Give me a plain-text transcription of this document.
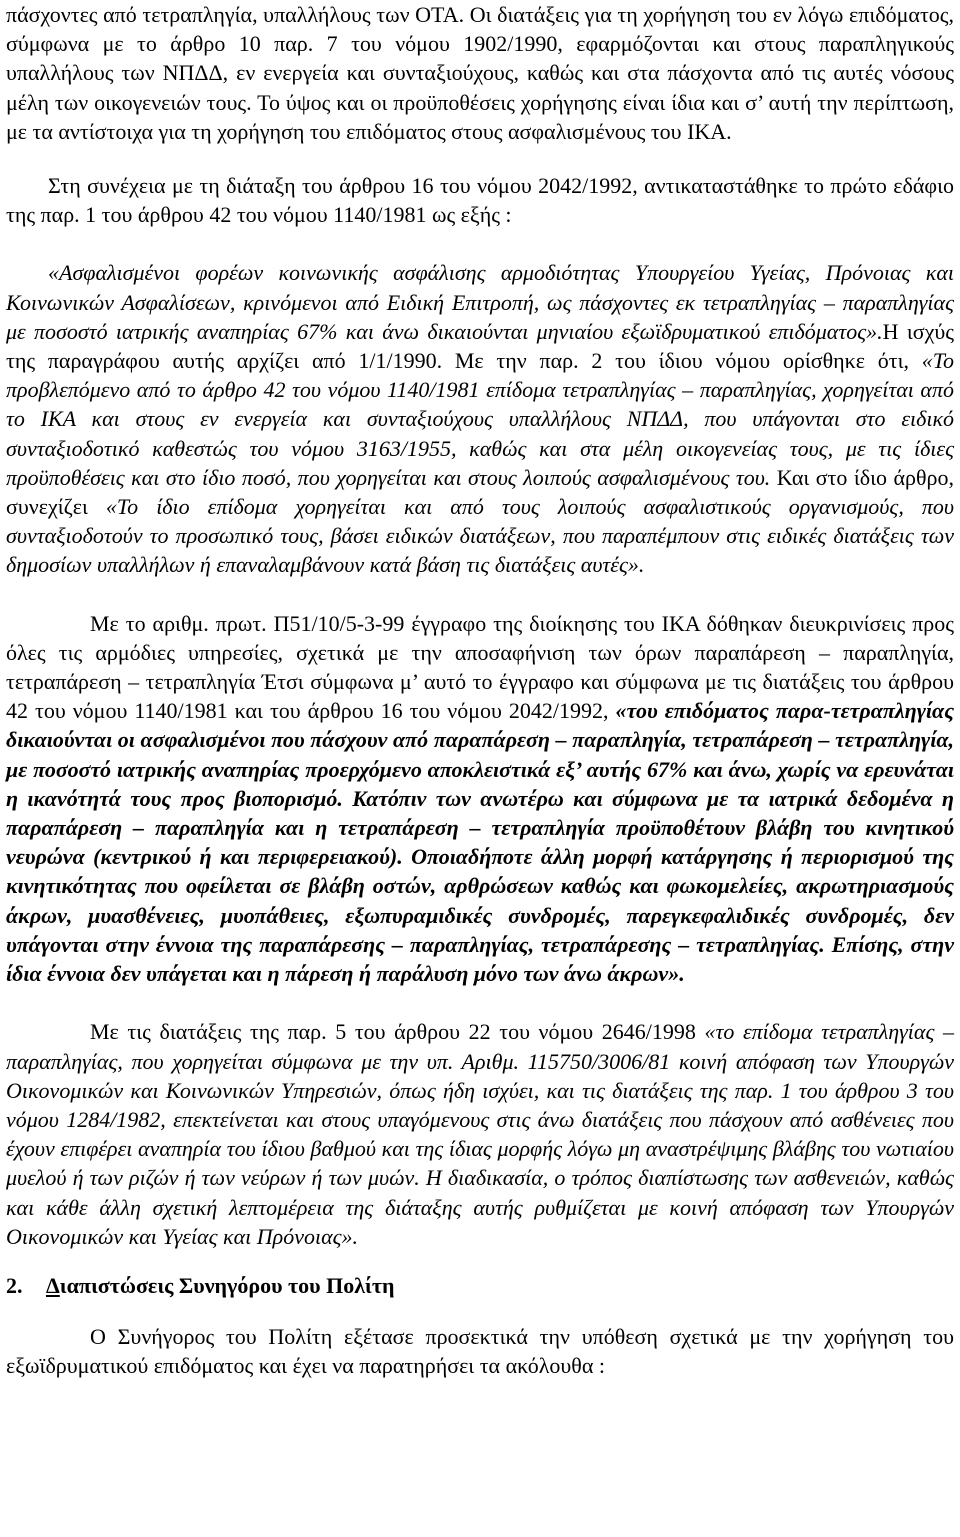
πάσχοντες από τετραπληγία, υπαλλήλους των ΟΤΑ. Οι διατάξεις για τη χορήγηση του εν λόγω επιδόματος, σύμφωνα με το άρθρο 10 παρ. 7 του νόμου 1902/1990, εφαρμόζονται και στους παραπληγικούς υπαλλήλους των ΝΠΔΔ, εν ενεργεία και συνταξιούχους, καθώς και στα πάσχοντα από τις αυτές νόσους μέλη των οικογενειών τους. Το ύψος και οι προϋποθέσεις χορήγησης είναι ίδια και σ’ αυτή την περίπτωση, με τα αντίστοιχα για τη χορήγηση του επιδόματος στους ασφαλισμένους του ΙΚΑ.

Στη συνέχεια με τη διάταξη του άρθρου 16 του νόμου 2042/1992, αντικαταστάθηκε το πρώτο εδάφιο της παρ. 1 του άρθρου 42 του νόμου 1140/1981 ως εξής :

«Ασφαλισμένοι φορέων κοινωνικής ασφάλισης αρμοδιότητας Υπουργείου Υγείας, Πρόνοιας και Κοινωνικών Ασφαλίσεων, κρινόμενοι από Ειδική Επιτροπή, ως πάσχοντες εκ τετραπληγίας – παραπληγίας με ποσοστό ιατρικής αναπηρίας 67% και άνω δικαιούνται μηνιαίου εξωϊδρυματικού επιδόματος».Η ισχύς της παραγράφου αυτής αρχίζει από 1/1/1990. Με την παρ. 2 του ίδιου νόμου ορίσθηκε ότι, «Το προβλεπόμενο από το άρθρο 42 του νόμου 1140/1981 επίδομα τετραπληγίας – παραπληγίας, χορηγείται από το ΙΚΑ και στους εν ενεργεία και συνταξιούχους υπαλλήλους ΝΠΔΔ, που υπάγονται στο ειδικό συνταξιοδοτικό καθεστώς του νόμου 3163/1955, καθώς και στα μέλη οικογενείας τους, με τις ίδιες προϋποθέσεις και στο ίδιο ποσό, που χορηγείται και στους λοιπούς ασφαλισμένους του. Και στο ίδιο άρθρο, συνεχίζει «Το ίδιο επίδομα χορηγείται και από τους λοιπούς ασφαλιστικούς οργανισμούς, που συνταξιοδοτούν το προσωπικό τους, βάσει ειδικών διατάξεων, που παραπέμπουν στις ειδικές διατάξεις των δημοσίων υπαλλήλων ή επαναλαμβάνουν κατά βάση τις διατάξεις αυτές».

Με το αριθμ. πρωτ. Π51/10/5-3-99 έγγραφο της διοίκησης του ΙΚΑ δόθηκαν διευκρινίσεις προς όλες τις αρμόδιες υπηρεσίες, σχετικά με την αποσαφήνιση των όρων παραπάρεση – παραπληγία, τετραπάρεση – τετραπληγία Έτσι σύμφωνα μ’ αυτό το έγγραφο και σύμφωνα με τις διατάξεις του άρθρου 42 του νόμου 1140/1981 και του άρθρου 16 του νόμου 2042/1992, «του επιδόματος παρα-τετραπληγίας δικαιούνται οι ασφαλισμένοι που πάσχουν από παραπάρεση – παραπληγία, τετραπάρεση – τετραπληγία, με ποσοστό ιατρικής αναπηρίας προερχόμενο αποκλειστικά εξ’ αυτής 67% και άνω, χωρίς να ερευνάται η ικανότητά τους προς βιοπορισμό. Κατόπιν των ανωτέρω και σύμφωνα με τα ιατρικά δεδομένα η παραπάρεση – παραπληγία και η τετραπάρεση – τετραπληγία προϋποθέτουν βλάβη του κινητικού νευρώνα (κεντρικού ή και περιφερειακού). Οποιαδήποτε άλλη μορφή κατάργησης ή περιορισμού της κινητικότητας που οφείλεται σε βλάβη οστών, αρθρώσεων καθώς και φωκομελείες, ακρωτηριασμούς άκρων, μυασθένειες, μυοπάθειες, εξωπυραμιδικές συνδρομές, παρεγκεφαλιδικές συνδρομές, δεν υπάγονται στην έννοια της παραπάρεσης – παραπληγίας, τετραπάρεσης – τετραπληγίας. Επίσης, στην ίδια έννοια δεν υπάγεται και η πάρεση ή παράλυση μόνο των άνω άκρων».

Με τις διατάξεις της παρ. 5 του άρθρου 22 του νόμου 2646/1998 «το επίδομα τετραπληγίας – παραπληγίας, που χορηγείται σύμφωνα με την υπ. Αριθμ. 115750/3006/81 κοινή απόφαση των Υπουργών Οικονομικών και Κοινωνικών Υπηρεσιών, όπως ήδη ισχύει, και τις διατάξεις της παρ. 1 του άρθρου 3 του νόμου 1284/1982, επεκτείνεται και στους υπαγόμενους στις άνω διατάξεις που πάσχουν από ασθένειες που έχουν επιφέρει αναπηρία του ίδιου βαθμού και της ίδιας μορφής λόγω μη αναστρέψιμης βλάβης του νωτιαίου μυελού ή των ριζών ή των νεύρων ή των μυών. Η διαδικασία, ο τρόπος διαπίστωσης των ασθενειών, καθώς και κάθε άλλη σχετική λεπτομέρεια της διάταξης αυτής ρυθμίζεται με κοινή απόφαση των Υπουργών Οικονομικών και Υγείας και Πρόνοιας».

2. Διαπιστώσεις Συνηγόρου του Πολίτη

Ο Συνήγορος του Πολίτη εξέτασε προσεκτικά την υπόθεση σχετικά με την χορήγηση του εξωϊδρυματικού επιδόματος και έχει να παρατηρήσει τα ακόλουθα :
